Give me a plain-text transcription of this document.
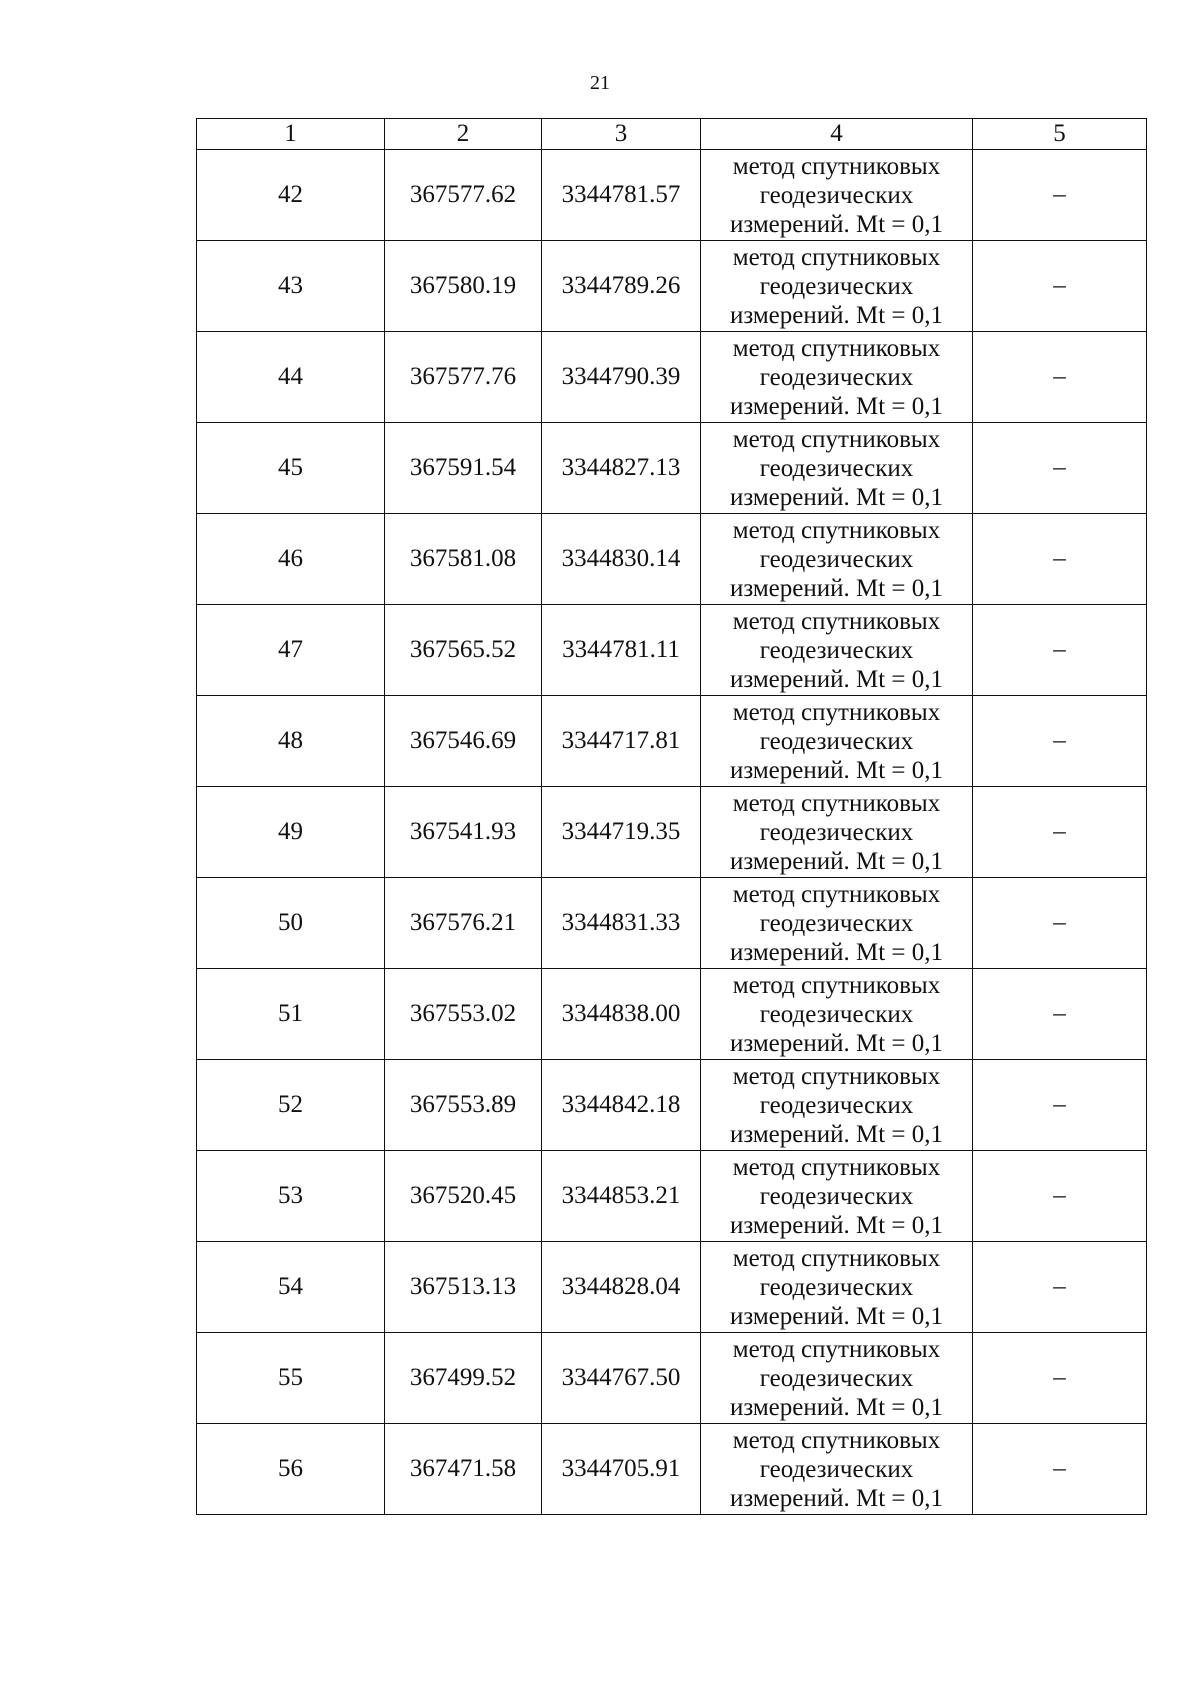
21
1	2	3	4	5
42	367577.62	3344781.57	метод спутниковых
геодезических
измерений. Mt = 0,1	–
43	367580.19	3344789.26	метод спутниковых
геодезических
измерений. Mt = 0,1	–
44	367577.76	3344790.39	метод спутниковых
геодезических
измерений. Mt = 0,1	–
45	367591.54	3344827.13	метод спутниковых
геодезических
измерений. Mt = 0,1	–
46	367581.08	3344830.14	метод спутниковых
геодезических
измерений. Mt = 0,1	–
47	367565.52	3344781.11	метод спутниковых
геодезических
измерений. Mt = 0,1	–
48	367546.69	3344717.81	метод спутниковых
геодезических
измерений. Mt = 0,1	–
49	367541.93	3344719.35	метод спутниковых
геодезических
измерений. Mt = 0,1	–
50	367576.21	3344831.33	метод спутниковых
геодезических
измерений. Mt = 0,1	–
51	367553.02	3344838.00	метод спутниковых
геодезических
измерений. Mt = 0,1	–
52	367553.89	3344842.18	метод спутниковых
геодезических
измерений. Mt = 0,1	–
53	367520.45	3344853.21	метод спутниковых
геодезических
измерений. Mt = 0,1	–
54	367513.13	3344828.04	метод спутниковых
геодезических
измерений. Mt = 0,1	–
55	367499.52	3344767.50	метод спутниковых
геодезических
измерений. Mt = 0,1	–
56	367471.58	3344705.91	метод спутниковых
геодезических
измерений. Mt = 0,1	–
